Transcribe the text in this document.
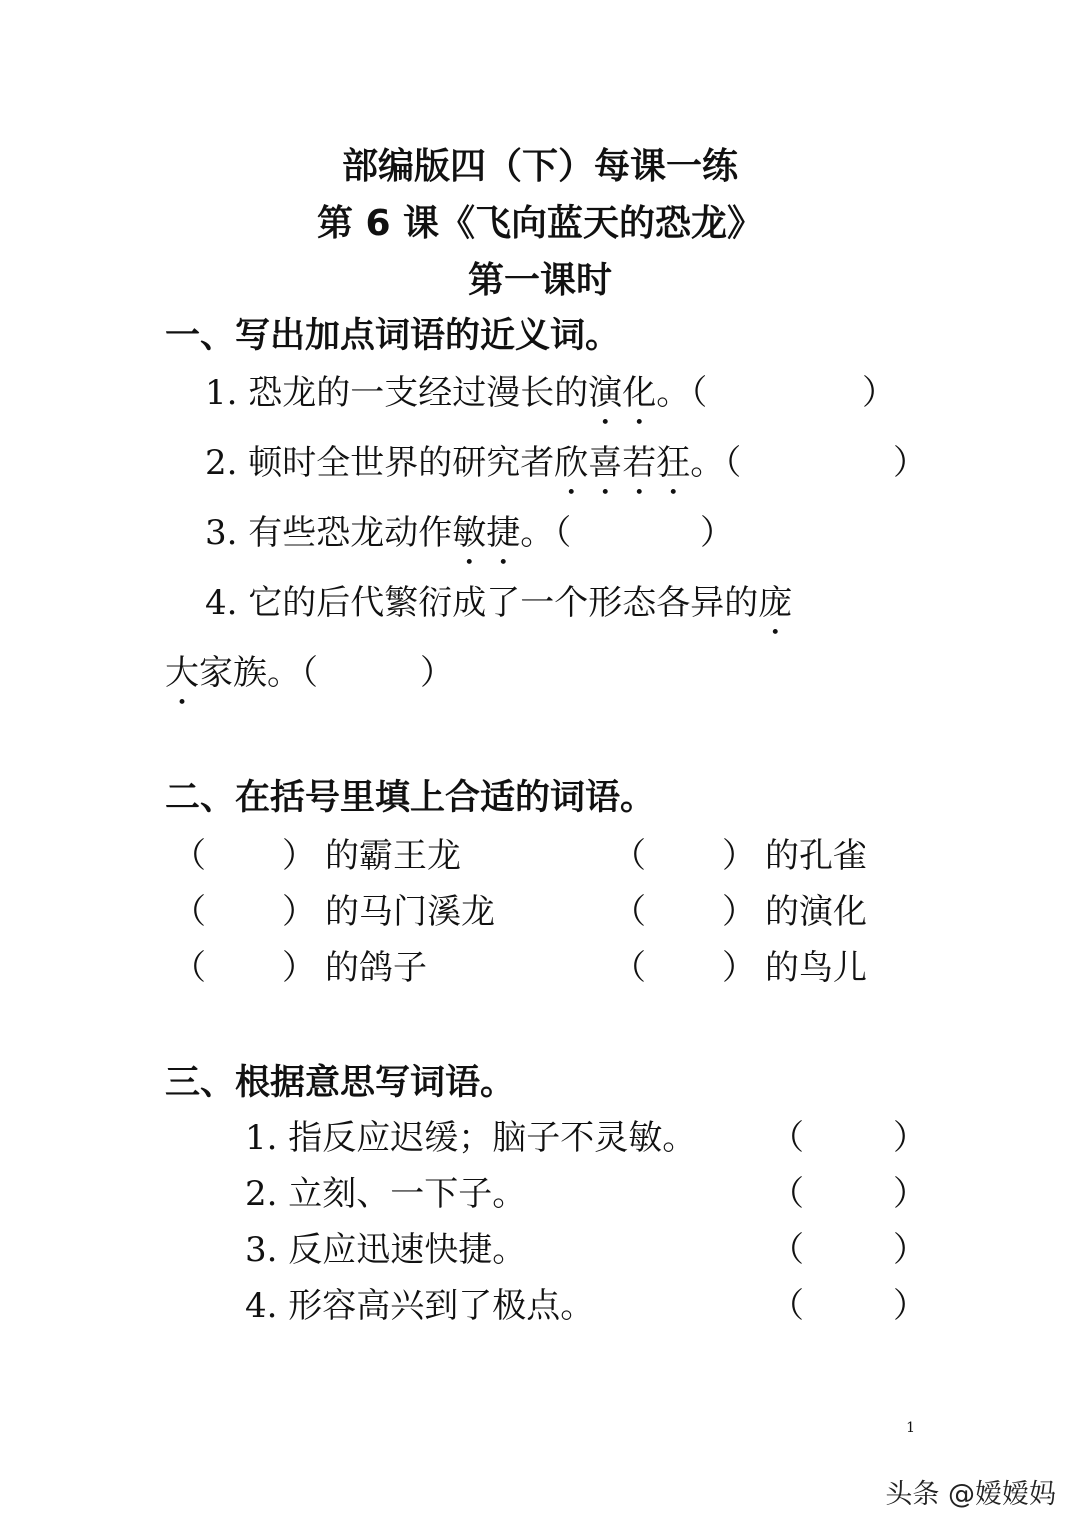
部编版四（下）每课一练
第 6 课《飞向蓝天的恐龙》
第一课时
一、写出加点词语的近义词。
1. 恐龙的一支经过漫长的演化。（	）
2. 顿时全世界的研究者欣喜若狂。（	）
3. 有些恐龙动作敏捷。（	）
4. 它的后代繁衍成了一个形态各异的庞
大家族。（	）
二、在括号里填上合适的词语。
（ ） 的霸王龙	（ ） 的孔雀
（ ） 的马门溪龙	（ ） 的演化
（ ） 的鸽子	（ ） 的鸟儿
三、根据意思写词语。
1. 指反应迟缓；脑子不灵敏。 （	）
2. 立刻、一下子。	（	）
3. 反应迅速快捷。	（	）
4. 形容高兴到了极点。	（	）
1
头条 @嫒嫒妈
